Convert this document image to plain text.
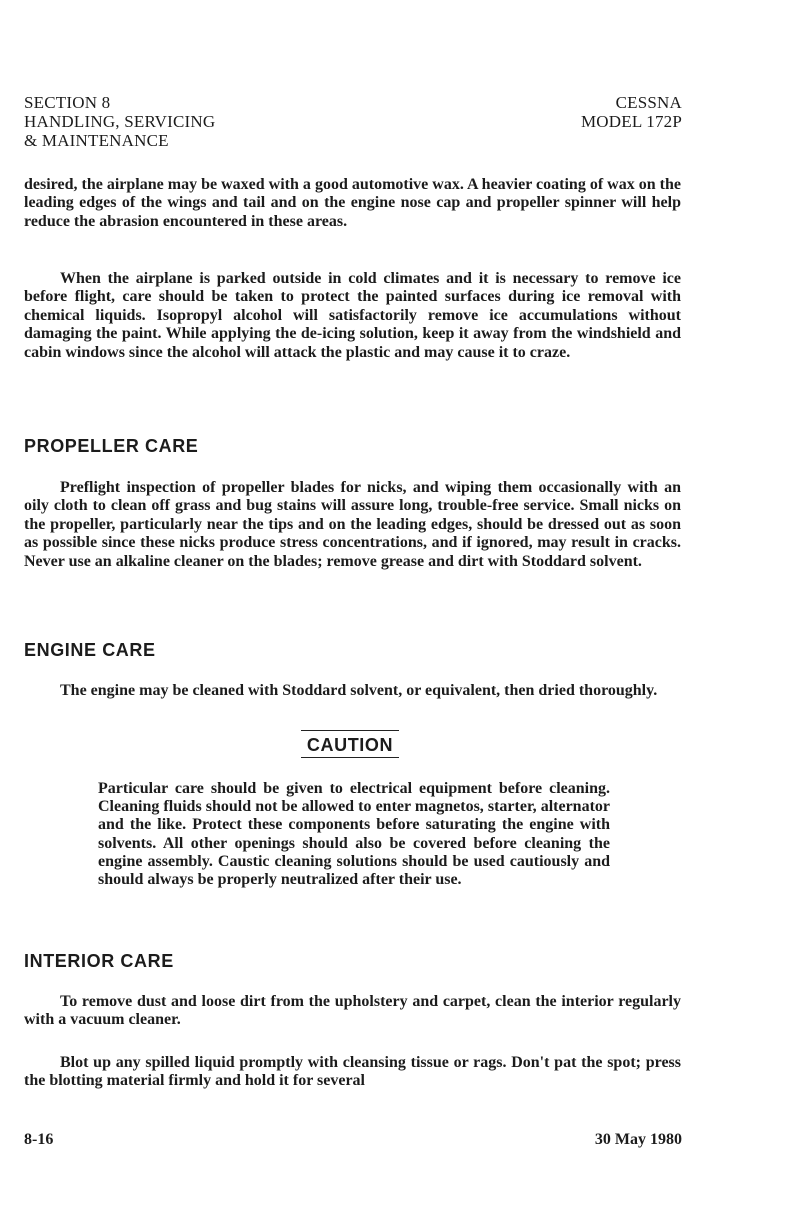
SECTION 8
HANDLING, SERVICING
& MAINTENANCE
CESSNA
MODEL 172P

desired, the airplane may be waxed with a good automotive wax. A heavier coating of wax on the leading edges of the wings and tail and on the engine nose cap and propeller spinner will help reduce the abrasion encountered in these areas.

When the airplane is parked outside in cold climates and it is necessary to remove ice before flight, care should be taken to protect the painted surfaces during ice removal with chemical liquids. Isopropyl alcohol will satisfactorily remove ice accumulations without damaging the paint. While applying the de-icing solution, keep it away from the windshield and cabin windows since the alcohol will attack the plastic and may cause it to craze.

PROPELLER CARE

Preflight inspection of propeller blades for nicks, and wiping them occasionally with an oily cloth to clean off grass and bug stains will assure long, trouble-free service. Small nicks on the propeller, particularly near the tips and on the leading edges, should be dressed out as soon as possible since these nicks produce stress concentrations, and if ignored, may result in cracks. Never use an alkaline cleaner on the blades; remove grease and dirt with Stoddard solvent.

ENGINE CARE

The engine may be cleaned with Stoddard solvent, or equivalent, then dried thoroughly.

CAUTION

Particular care should be given to electrical equipment before cleaning. Cleaning fluids should not be allowed to enter magnetos, starter, alternator and the like. Protect these components before saturating the engine with solvents. All other openings should also be covered before cleaning the engine assembly. Caustic cleaning solutions should be used cautiously and should always be properly neutralized after their use.

INTERIOR CARE

To remove dust and loose dirt from the upholstery and carpet, clean the interior regularly with a vacuum cleaner.

Blot up any spilled liquid promptly with cleansing tissue or rags. Don't pat the spot; press the blotting material firmly and hold it for several

8-16	30 May 1980
